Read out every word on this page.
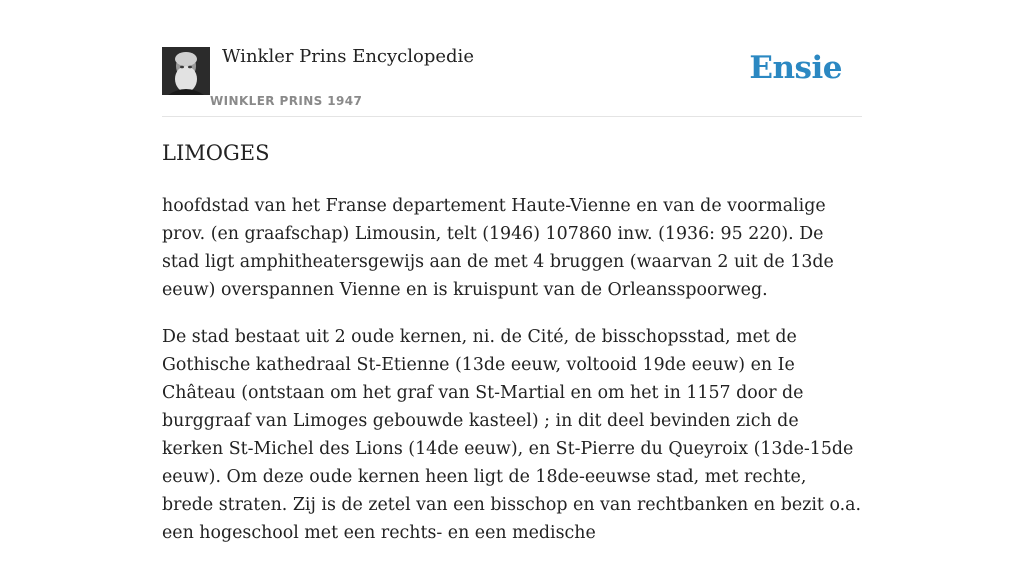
Winkler Prins Encyclopedie
WINKLER PRINS 1947
Ensie
LIMOGES

hoofdstad van het Franse departement Haute-Vienne en van de voormalige prov. (en graafschap) Limousin, telt (1946) 107860 inw. (1936: 95 220). De stad ligt amphitheatersgewijs aan de met 4 bruggen (waarvan 2 uit de 13de eeuw) overspannen Vienne en is kruispunt van de Orleansspoorweg.

De stad bestaat uit 2 oude kernen, ni. de Cité, de bisschopsstad, met de Gothische kathedraal St-Etienne (13de eeuw, voltooid 19de eeuw) en Ie Château (ontstaan om het graf van St-Martial en om het in 1157 door de burggraaf van Limoges gebouwde kasteel) ; in dit deel bevinden zich de kerken St-Michel des Lions (14de eeuw), en St-Pierre du Queyroix (13de-15de eeuw). Om deze oude kernen heen ligt de 18de-eeuwse stad, met rechte, brede straten. Zij is de zetel van een bisschop en van rechtbanken en bezit o.a. een hogeschool met een rechts- en een medische
